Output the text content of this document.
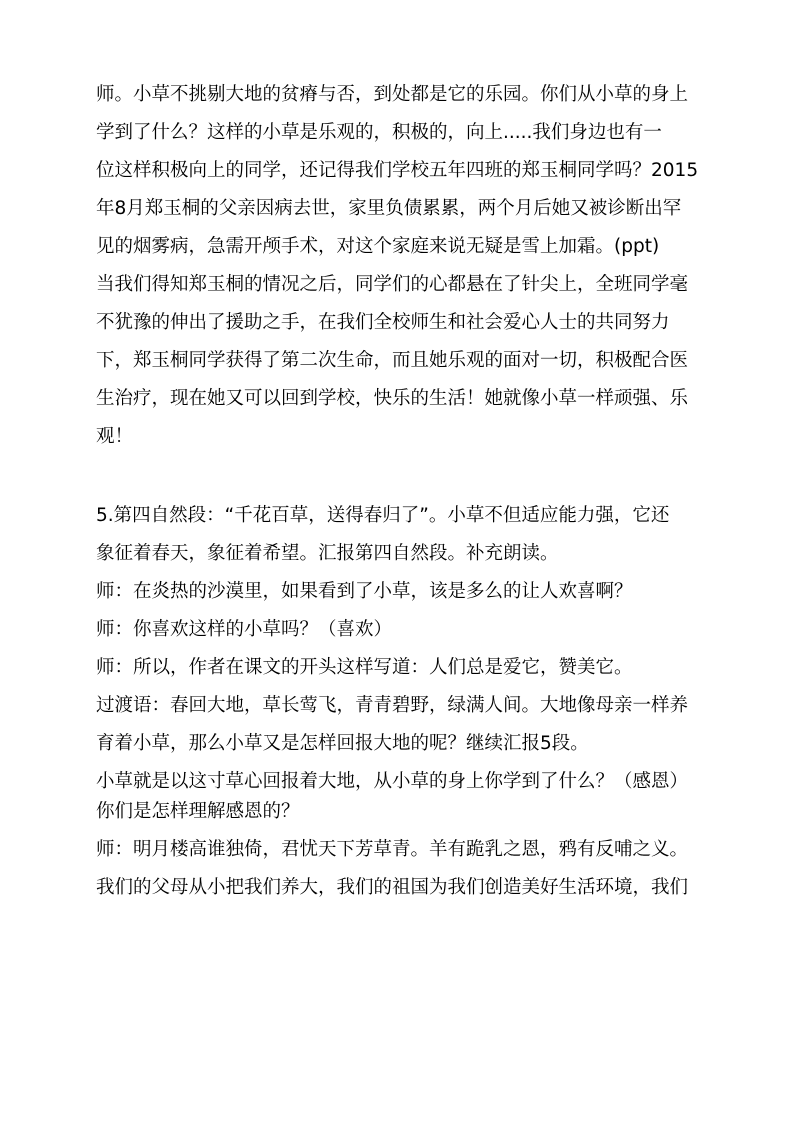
师。小草不挑剔大地的贫瘠与否，到处都是它的乐园。你们从小草的身上
学到了什么？这样的小草是乐观的，积极的，向上.....我们身边也有一
位这样积极向上的同学，还记得我们学校五年四班的郑玉桐同学吗？2015
年8月郑玉桐的父亲因病去世，家里负债累累，两个月后她又被诊断出罕
见的烟雾病，急需开颅手术，对这个家庭来说无疑是雪上加霜。(ppt)
当我们得知郑玉桐的情况之后，同学们的心都悬在了针尖上，全班同学毫
不犹豫的伸出了援助之手，在我们全校师生和社会爱心人士的共同努力
下，郑玉桐同学获得了第二次生命，而且她乐观的面对一切，积极配合医
生治疗，现在她又可以回到学校，快乐的生活！她就像小草一样顽强、乐
观！
5.第四自然段：“千花百草，送得春归了”。小草不但适应能力强，它还
象征着春天，象征着希望。汇报第四自然段。补充朗读。
师：在炎热的沙漠里，如果看到了小草，该是多么的让人欢喜啊？
师：你喜欢这样的小草吗？（喜欢）
师：所以，作者在课文的开头这样写道：人们总是爱它，赞美它。
过渡语：春回大地，草长莺飞，青青碧野，绿满人间。大地像母亲一样养
育着小草，那么小草又是怎样回报大地的呢？继续汇报5段。
小草就是以这寸草心回报着大地，从小草的身上你学到了什么？（感恩）
你们是怎样理解感恩的？
师：明月楼高谁独倚，君忧天下芳草青。羊有跪乳之恩，鸦有反哺之义。
我们的父母从小把我们养大，我们的祖国为我们创造美好生活环境，我们
